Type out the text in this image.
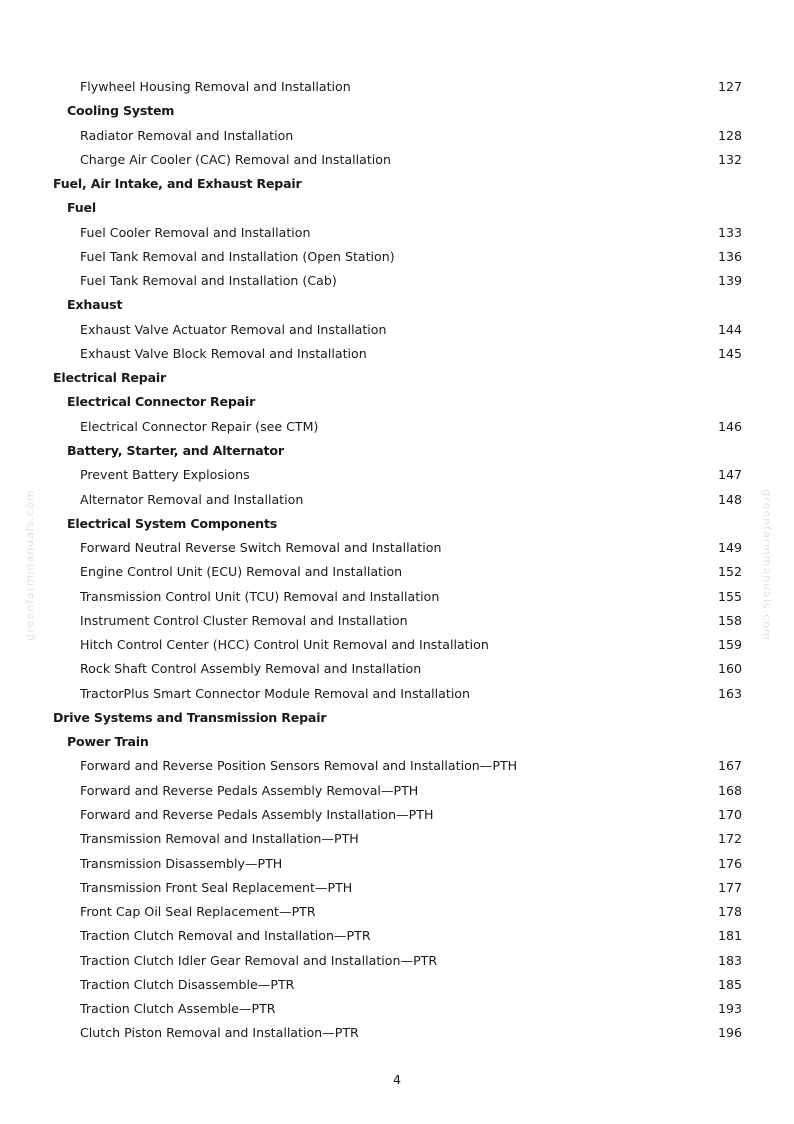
greenfarmmanuals.com	greenfarmmanuals.com
Flywheel Housing Removal and Installation	127
Cooling System
Radiator Removal and Installation	128
Charge Air Cooler (CAC) Removal and Installation	132
Fuel, Air Intake, and Exhaust Repair
Fuel
Fuel Cooler Removal and Installation	133
Fuel Tank Removal and Installation (Open Station)	136
Fuel Tank Removal and Installation (Cab)	139
Exhaust
Exhaust Valve Actuator Removal and Installation	144
Exhaust Valve Block Removal and Installation	145
Electrical Repair
Electrical Connector Repair
Electrical Connector Repair (see CTM)	146
Battery, Starter, and Alternator
Prevent Battery Explosions	147
Alternator Removal and Installation	148
Electrical System Components
Forward Neutral Reverse Switch Removal and Installation	149
Engine Control Unit (ECU) Removal and Installation	152
Transmission Control Unit (TCU) Removal and Installation	155
Instrument Control Cluster Removal and Installation	158
Hitch Control Center (HCC) Control Unit Removal and Installation	159
Rock Shaft Control Assembly Removal and Installation	160
TractorPlus Smart Connector Module Removal and Installation	163
Drive Systems and Transmission Repair
Power Train
Forward and Reverse Position Sensors Removal and Installation—PTH	167
Forward and Reverse Pedals Assembly Removal—PTH	168
Forward and Reverse Pedals Assembly Installation—PTH	170
Transmission Removal and Installation—PTH	172
Transmission Disassembly—PTH	176
Transmission Front Seal Replacement—PTH	177
Front Cap Oil Seal Replacement—PTR	178
Traction Clutch Removal and Installation—PTR	181
Traction Clutch Idler Gear Removal and Installation—PTR	183
Traction Clutch Disassemble—PTR	185
Traction Clutch Assemble—PTR	193
Clutch Piston Removal and Installation—PTR	196
4
